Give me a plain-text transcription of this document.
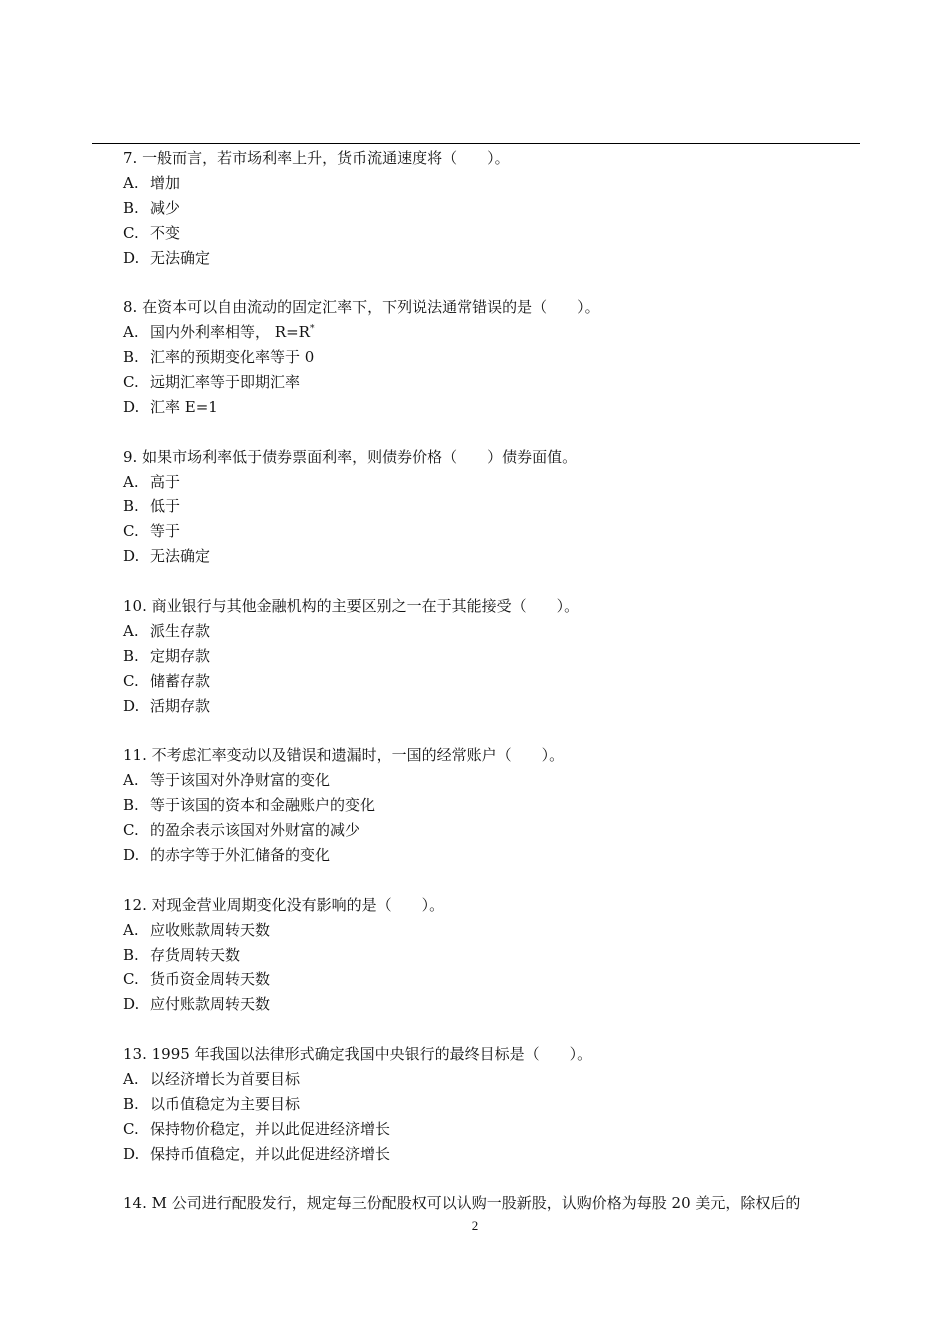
7. 一般而言，若市场利率上升，货币流通速度将（　　）。
A. 增加
B. 减少
C. 不变
D. 无法确定
8. 在资本可以自由流动的固定汇率下，下列说法通常错误的是（　　）。
A. 国内外利率相等， R=R*
B. 汇率的预期变化率等于 0
C. 远期汇率等于即期汇率
D. 汇率 E=1
9. 如果市场利率低于债券票面利率，则债券价格（　　）债券面值。
A. 高于
B. 低于
C. 等于
D. 无法确定
10. 商业银行与其他金融机构的主要区别之一在于其能接受（　　）。
A. 派生存款
B. 定期存款
C. 储蓄存款
D. 活期存款
11. 不考虑汇率变动以及错误和遗漏时，一国的经常账户（　　）。
A. 等于该国对外净财富的变化
B. 等于该国的资本和金融账户的变化
C. 的盈余表示该国对外财富的减少
D. 的赤字等于外汇储备的变化
12. 对现金营业周期变化没有影响的是（　　）。
A. 应收账款周转天数
B. 存货周转天数
C. 货币资金周转天数
D. 应付账款周转天数
13. 1995 年我国以法律形式确定我国中央银行的最终目标是（　　）。
A. 以经济增长为首要目标
B. 以币值稳定为主要目标
C. 保持物价稳定，并以此促进经济增长
D. 保持币值稳定，并以此促进经济增长
14. M 公司进行配股发行，规定每三份配股权可以认购一股新股，认购价格为每股 20 美元，除权后的
2
